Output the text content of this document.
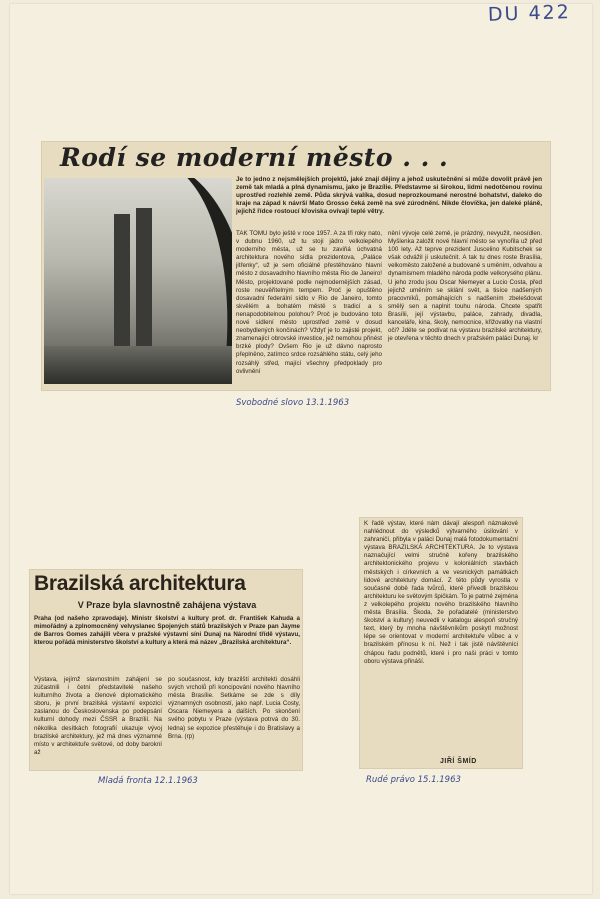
DU 422
Rodí se moderní město . . .
Je to jedno z nejsmělejších projektů, jaké znají dějiny a jehož uskutečnění si může dovolit právě jen země tak mladá a plná dynamismu, jako je Brazílie. Představme si širokou, lidmi nedotčenou rovinu uprostřed rozlehlé země. Půda skrývá valíka, dosud neprozkoumané nerostné bohatství, daleko do kraje na západ k návrší Mato Grosso čeká země na své zúrodnění. Nikde človíčka, jen daleké pláně, jejichž řídce rostoucí křoviska ovívají teplé větry.
TAK TOMU bylo ještě v roce 1957. A za tři roky nato, v dubnu 1960, už tu stojí jádro velkolepého moderního města, už se tu zaviňá úchvatná architektura nového sídla prezidentova, „Paláce jitřenky“, už je sem oficiálně přestěhováno hlavní město z dosavadního hlavního města Rio de Janeiro! Město, projektované podle nejmodernějších zásad, roste neuvěřitelným tempem. Proč je opuštěno dosavadní federální sídlo v Rio de Janeiro, tomto skvělém a bohatém městě s tradicí a s nenapodobitelnou polohou? Proč je budováno toto nové sídlení město uprostřed země v dosud neobydlených končinách? Vždyť je to zajisté projekt, znamenající obrovské investice, jež nemohou přinést brzké plody? Ovšem Rio je už dávno naprosto přeplněno, zatímco srdce rozsáhlého státu, celý jeho rozsáhlý střed, mající všechny předpoklady pro ovlivnění
nění vývoje celé země, je prázdný, nevyužit, neosídlen. Myšlenka založit nové hlavní město se vynořila už před 100 lety. Až teprve prezident Juscelino Kubitschek se však odvážil ji uskutečnit. A tak tu dnes roste Brasília, velkoměsto založené a budované s uměním, odvahou a dynamismem mladého národa podle velkorysého plánu. U jeho zrodu jsou Oscar Niemeyer a Lucio Costa, před jejichž uměním se sklání svět, a tisíce nadšených pracovníků, pomáhajících s nadšením zbelešdovat smělý sen a naplnit touhu národa. Chcete spatřit Brasílii, její výstavbu, paláce, zahrady, divadla, kanceláře, kina, školy, nemocnice, křižovatky na vlastní oči? Jděte se podívat na výstavu brazilské architektury, je otevřena v těchto dnech v pražském paláci Dunaj. kr
Svobodné slovo 13.1.1963
Brazilská architektura
V Praze byla slavnostně zahájena výstava
Praha (od našeho zpravodaje). Ministr školství a kultury prof. dr. František Kahuda a mimořádný a zplnomocněný velvyslanec Spojených států brazilských v Praze pan Jayme de Barros Gomes zahájili včera v pražské výstavní síni Dunaj na Národní třídě výstavu, kterou pořádá ministerstvo školství a kultury a která má název „Brazilská architektura“.
Výstava, jejímž slavnostním zahájení se zúčastnili i četní představitelé našeho kulturního života a členové diplomatického sboru, je první brazilská výstavní expozicí zaslanou do Československa po podepsání kulturní dohody mezi ČSSR a Brazílií. Na několika desítkách fotografií ukazuje vývoj brazilské architektury, jež má dnes významné místo v architektuře světové, od doby barokní až
po současnost, kdy brazilští architekti dosáhli svých vrcholů při koncipování nového hlavního města Brasílie. Setkáme se zde s díly významných osobností, jako např. Lucia Costy, Oscara Niemeyera a dalších. Po skončení svého pobytu v Praze (výstava potrvá do 30. ledna) se expozice přestěhuje i do Bratislavy a Brna. (rp)
Mladá fronta 12.1.1963
K řadě výstav, které nám dávají alespoň náznakové nahlédnout do výsledků výtvarného úsilování v zahraničí, přibyla v paláci Dunaj malá fotodokumentační výstava BRAZILSKÁ ARCHITEKTURA. Je to výstava naznačující velmi stručně kořeny brazilského architektonického projevu v koloniálních stavbách městských i církevních a ve vesnických památkách lidové architektury domácí. Z této půdy vyrostla v současné době řada tvůrců, které přivedli brazilskou architekturu ke světovým špičkám. To je patrné zejména z velkolepého projektu nového brazilského hlavního města Brasília. Škoda, že pořadatelé (ministerstvo školství a kultury) neuvedli v katalogu alespoň stručný text, který by mnoha návštěvníkům poskytl možnost lépe se orientovat v moderní architektuře vůbec a v brazilském přínosu k ní. Než i tak jistě návštěvníci chápou řadu podnětů, které i pro naši práci v tomto oboru výstava přináší.
JIŘÍ ŠMÍD
Rudé právo 15.1.1963
